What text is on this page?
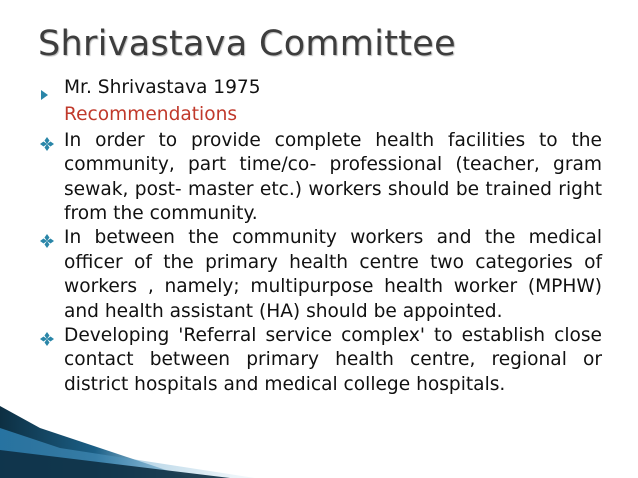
Shrivastava Committee
Mr. Shrivastava 1975
Recommendations
In order to provide complete health facilities to the community, part time/co- professional (teacher, gram sewak, post- master etc.) workers should be trained right from the community.
In between the community workers and the medical officer of the primary health centre two categories of workers , namely; multipurpose health worker (MPHW) and health assistant (HA) should be appointed.
Developing 'Referral service complex' to establish close contact between primary health centre, regional or district hospitals and medical college hospitals.
